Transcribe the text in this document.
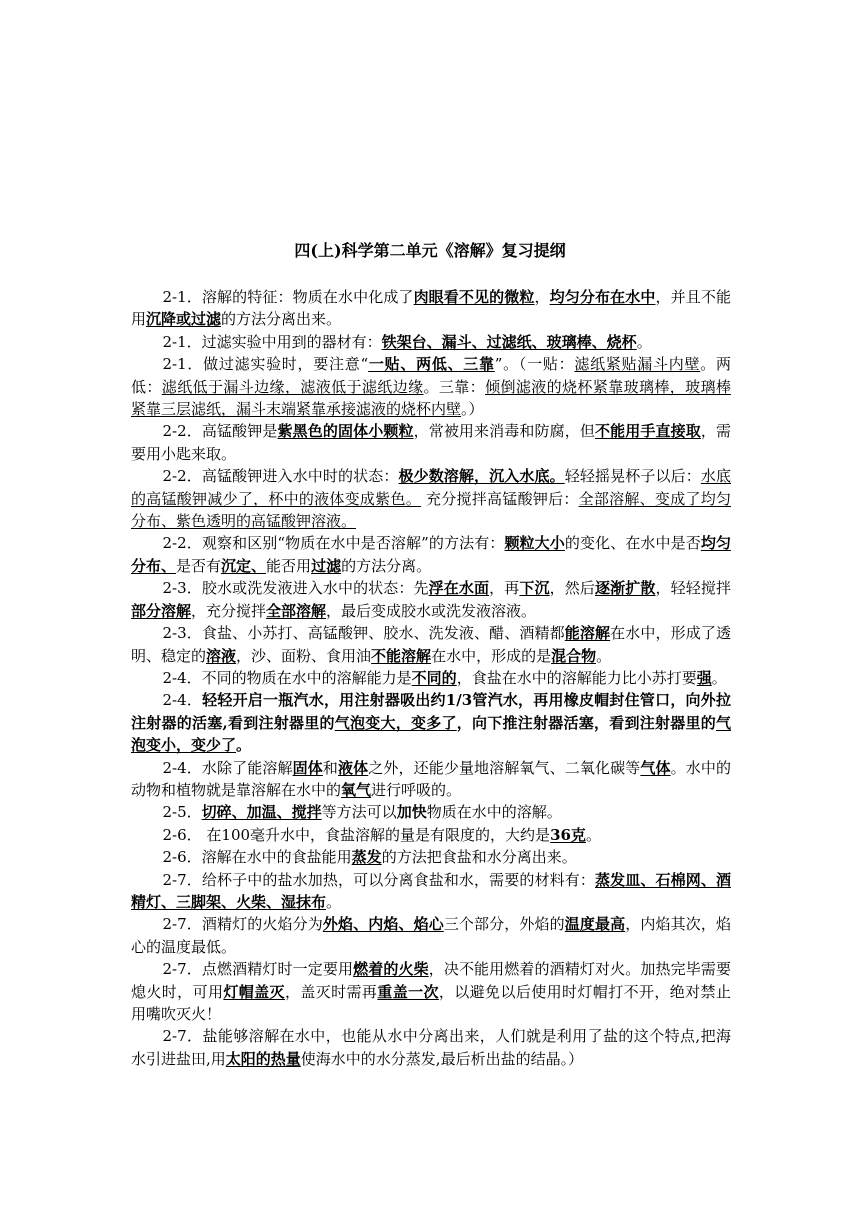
四(上)科学第二单元《溶解》复习提纲

2-1．溶解的特征：物质在水中化成了肉眼看不见的微粒，均匀分布在水中，并且不能用沉降或过滤的方法分离出来。

2-1．过滤实验中用到的器材有：铁架台、漏斗、过滤纸、玻璃棒、烧杯。

2-1．做过滤实验时，要注意“一贴、两低、三靠”。（一贴：滤纸紧贴漏斗内壁。两低：滤纸低于漏斗边缘，滤液低于滤纸边缘。三靠：倾倒滤液的烧杯紧靠玻璃棒，玻璃棒紧靠三层滤纸，漏斗末端紧靠承接滤液的烧杯内壁。）

2-2．高锰酸钾是紫黑色的固体小颗粒，常被用来消毒和防腐，但不能用手直接取，需要用小匙来取。

2-2．高锰酸钾进入水中时的状态：极少数溶解，沉入水底。轻轻摇晃杯子以后：水底的高锰酸钾减少了，杯中的液体变成紫色。 充分搅拌高锰酸钾后：全部溶解、变成了均匀分布、紫色透明的高锰酸钾溶液。

2-2．观察和区别“物质在水中是否溶解”的方法有：颗粒大小的变化、在水中是否均匀分布、是否有沉定、能否用过滤的方法分离。

2-3．胶水或洗发液进入水中的状态：先浮在水面，再下沉，然后逐渐扩散，轻轻搅拌部分溶解，充分搅拌全部溶解，最后变成胶水或洗发液溶液。

2-3．食盐、小苏打、高锰酸钾、胶水、洗发液、醋、酒精都能溶解在水中，形成了透明、稳定的溶液，沙、面粉、食用油不能溶解在水中，形成的是混合物。

2-4．不同的物质在水中的溶解能力是不同的，食盐在水中的溶解能力比小苏打要强。

2-4．轻轻开启一瓶汽水，用注射器吸出约1/3管汽水，再用橡皮帽封住管口，向外拉注射器的活塞,看到注射器里的气泡变大，变多了，向下推注射器活塞，看到注射器里的气泡变小，变少了。

2-4．水除了能溶解固体和液体之外，还能少量地溶解氧气、二氧化碳等气体。水中的动物和植物就是靠溶解在水中的氧气进行呼吸的。

2-5．切碎、加温、搅拌等方法可以加快物质在水中的溶解。

2-6． 在100毫升水中，食盐溶解的量是有限度的，大约是36克。

2-6．溶解在水中的食盐能用蒸发的方法把食盐和水分离出来。

2-7．给杯子中的盐水加热，可以分离食盐和水，需要的材料有：蒸发皿、石棉网、酒精灯、三脚架、火柴、湿抹布。

2-7．酒精灯的火焰分为外焰、内焰、焰心三个部分，外焰的温度最高，内焰其次，焰心的温度最低。

2-7．点燃酒精灯时一定要用燃着的火柴，决不能用燃着的酒精灯对火。加热完毕需要熄火时，可用灯帽盖灭，盖灭时需再重盖一次，以避免以后使用时灯帽打不开，绝对禁止用嘴吹灭火！

2-7．盐能够溶解在水中，也能从水中分离出来，人们就是利用了盐的这个特点,把海水引进盐田,用太阳的热量使海水中的水分蒸发,最后析出盐的结晶。）
